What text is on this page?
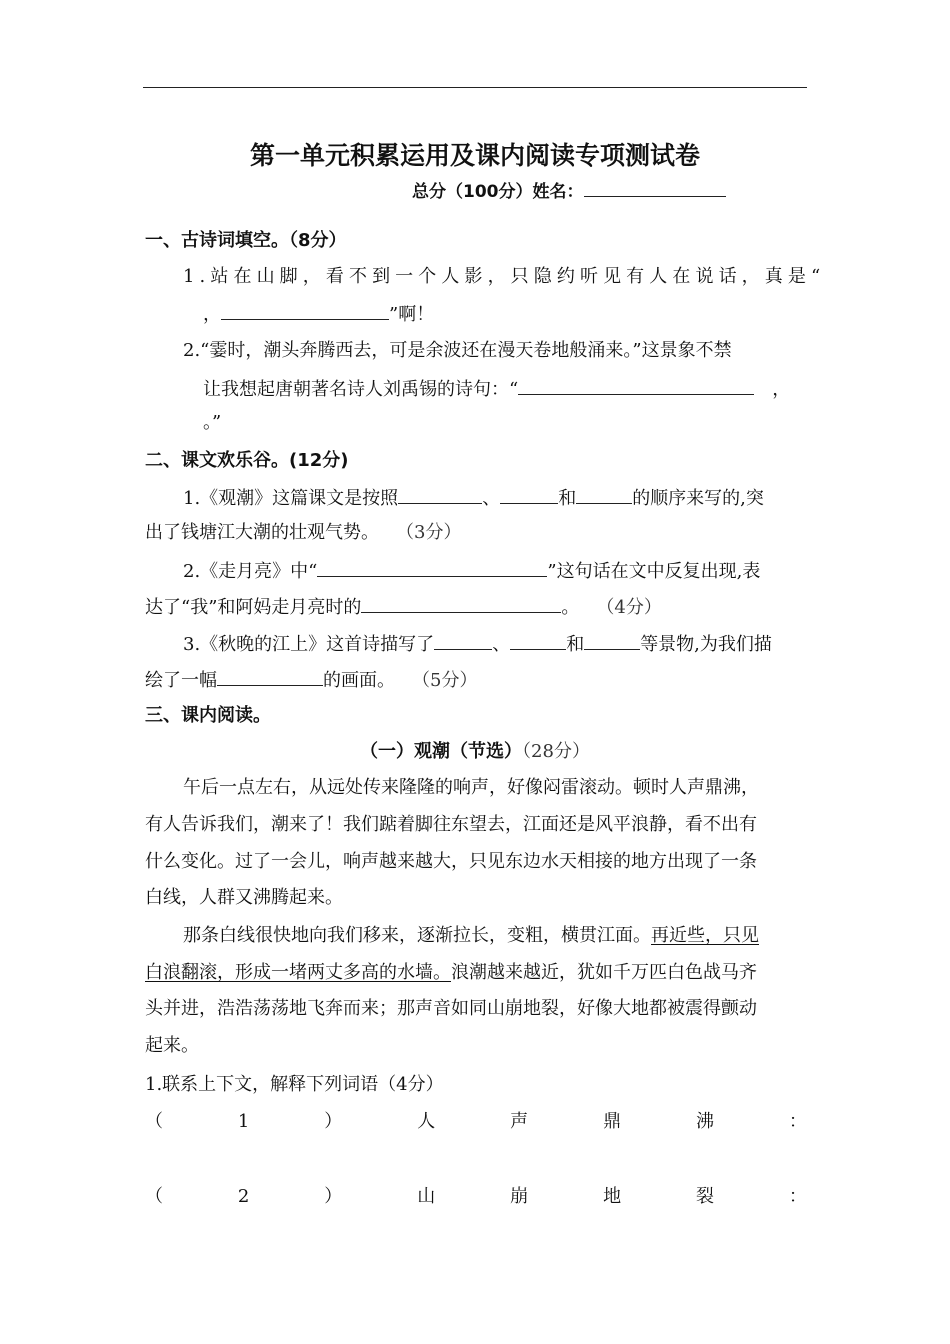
第一单元积累运用及课内阅读专项测试卷
总分（100分）姓名：
一、古诗词填空。（8分）
1.站在山脚，看不到一个人影，只隐约听见有人在说话，真是“
，	”啊！
2.“霎时，潮头奔腾西去，可是余波还在漫天卷地般涌来。”这景象不禁
让我想起唐朝著名诗人刘禹锡的诗句：“	，
。”
二、课文欢乐谷。(12分)
1.《观潮》这篇课文是按照	、	和	的顺序来写的,突
出了钱塘江大潮的壮观气势。 （3分）
2.《走月亮》中“	”这句话在文中反复出现,表
达了“我”和阿妈走月亮时的	。 （4分）
3.《秋晚的江上》这首诗描写了	、	和	等景物,为我们描
绘了一幅	的画面。 （5分）
三、课内阅读。
（一）观潮（节选）（28分）
午后一点左右，从远处传来隆隆的响声，好像闷雷滚动。顿时人声鼎沸，
有人告诉我们，潮来了！我们踮着脚往东望去，江面还是风平浪静，看不出有
什么变化。过了一会儿，响声越来越大，只见东边水天相接的地方出现了一条
白线，人群又沸腾起来。
那条白线很快地向我们移来，逐渐拉长，变粗，横贯江面。再近些，只见
白浪翻滚，形成一堵两丈多高的水墙。浪潮越来越近，犹如千万匹白色战马齐
头并进，浩浩荡荡地飞奔而来；那声音如同山崩地裂，好像大地都被震得颤动
起来。
1.联系上下文，解释下列词语（4分）
（	1	）	人	声	鼎	沸	：
（	2	）	山	崩	地	裂	：
